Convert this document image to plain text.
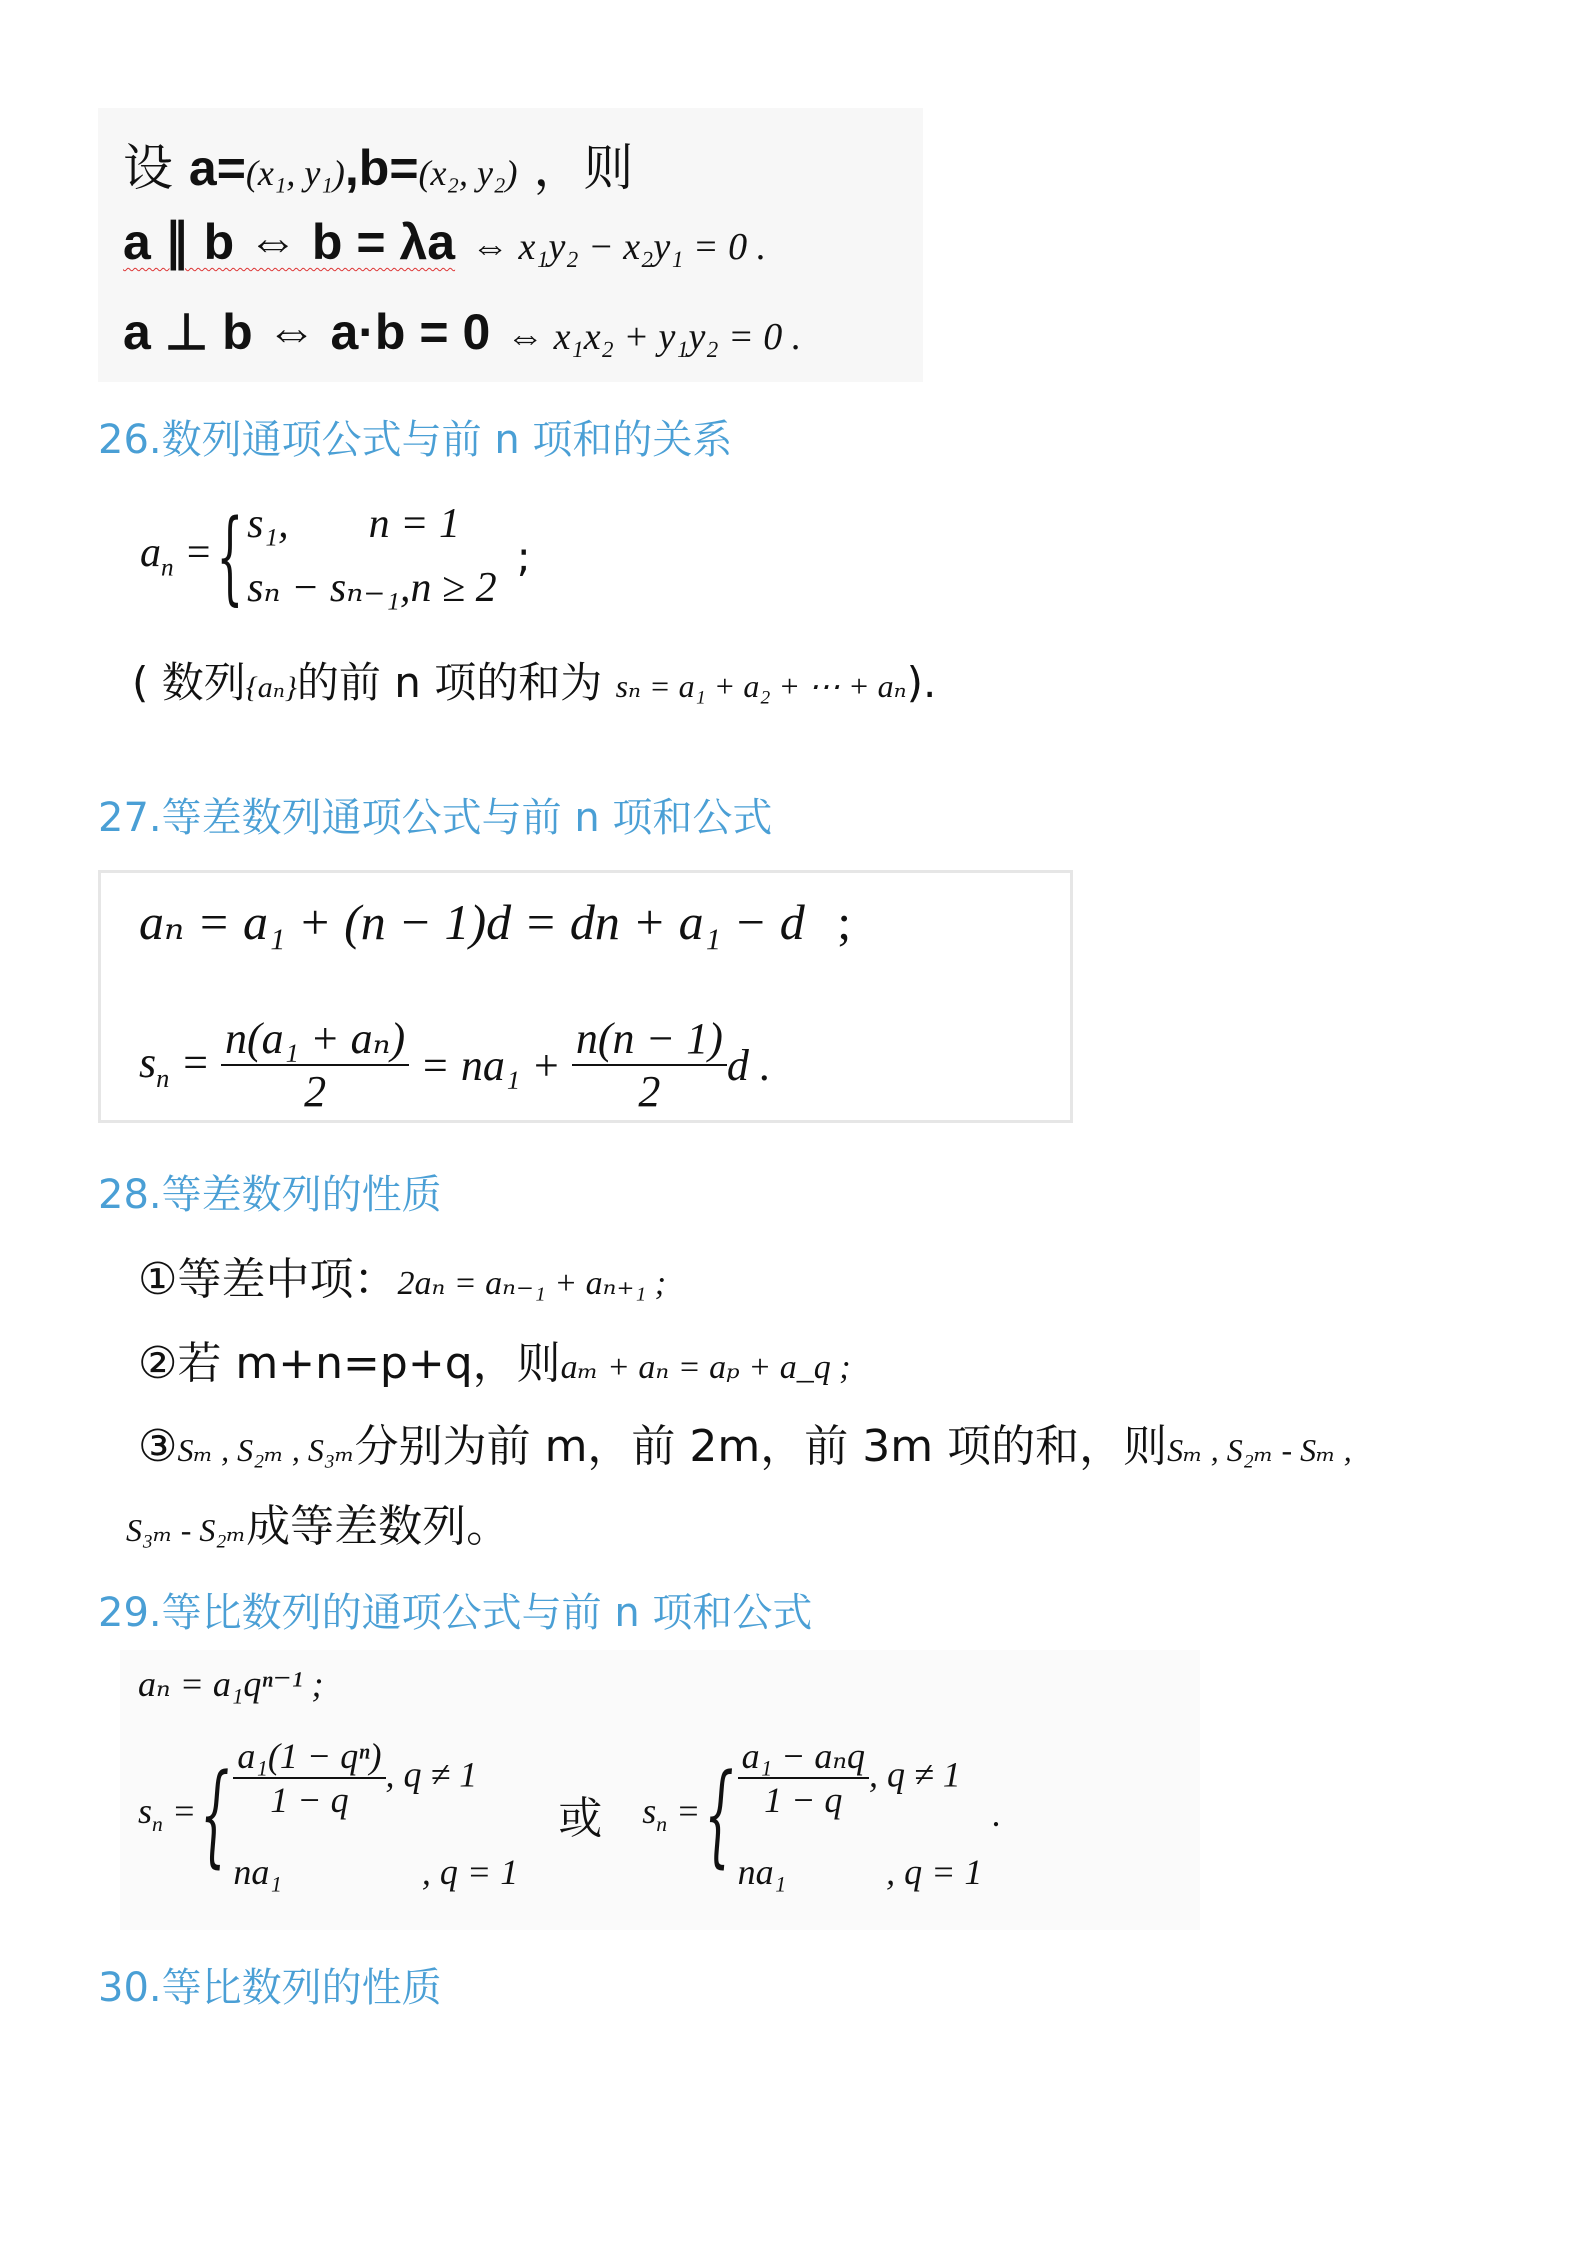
设 a=(x₁, y₁),b=(x₂, y₂) ，则
a ∥ b ⇔ b = λa ⇔ x₁y₂ − x₂y₁ = 0 .
a ⊥ b ⇔ a·b = 0 ⇔ x₁x₂ + y₁y₂ = 0 .
26.数列通项公式与前 n 项和的关系
$a_n$ = { s₁, n = 1
sₙ − sₙ₋₁,n ≥ 2
;
( 数列{aₙ}的前 n 项的和为 sₙ = a₁ + a₂ + ⋯ + aₙ).
27.等差数列通项公式与前 n 项和公式
aₙ = a₁ + (n − 1)d = dn + a₁ − d ;
$s_n = \frac{\text{n(a₁ + aₙ)}}{2}$
= na₁ +
$\frac{n(n - 1)}{2}$ d .
28.等差数列的性质
①等差中项：2aₙ = aₙ₋₁ + aₙ₊₁ ;
②若 m+n=p+q，则aₘ + aₙ = aₚ + a_q ;
③Sₘ , S₂ₘ , S₃ₘ分别为前 m，前 2m，前 3m 项的和，则Sₘ , S₂ₘ - Sₘ ,
S₃ₘ - S₂ₘ成等差数列。
29.等比数列的通项公式与前 n 项和公式
aₙ = a₁qⁿ⁻¹ ;
$s_n$ = { $\frac{\text{a₁(1 − qⁿ)}}{1 - q}$ , q ≠ 1
na₁	, q = 1
或 $s_n$ = { $\frac{\text{a₁ − aₙq}}{1 - q}$ , q ≠ 1
na₁	, q = 1
.
30.等比数列的性质
